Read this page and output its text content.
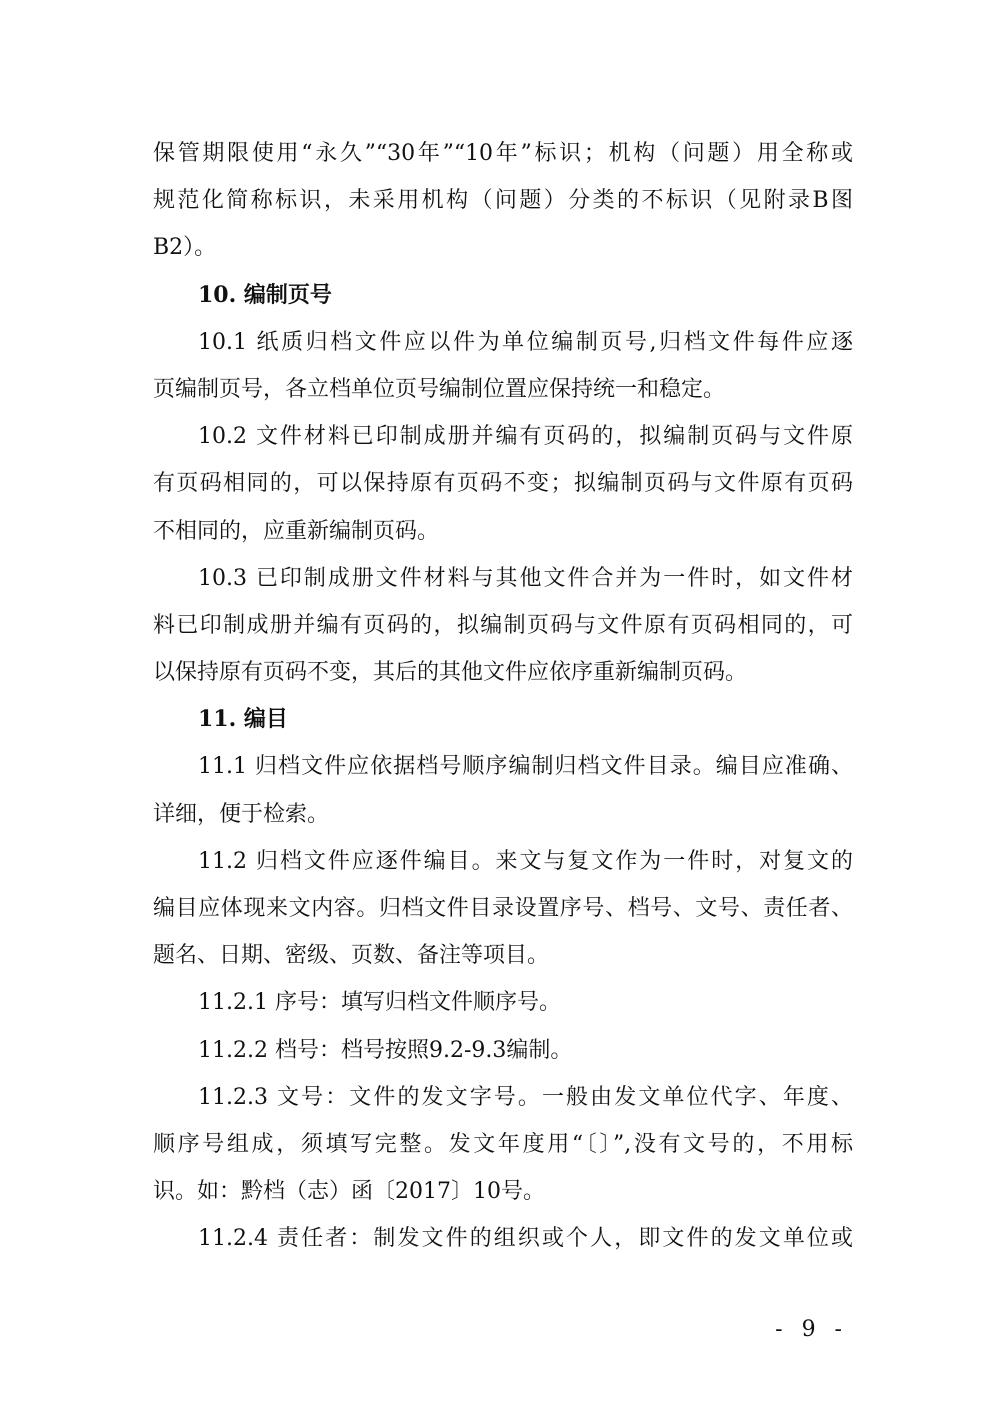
保管期限使用“永久”“30年”“10年”标识；机构（问题）用全称或
规范化简称标识，未采用机构（问题）分类的不标识（见附录B图
B2）。
10. 编制页号
10.1 纸质归档文件应以件为单位编制页号,归档文件每件应逐
页编制页号，各立档单位页号编制位置应保持统一和稳定。
10.2 文件材料已印制成册并编有页码的，拟编制页码与文件原
有页码相同的，可以保持原有页码不变；拟编制页码与文件原有页码
不相同的，应重新编制页码。
10.3 已印制成册文件材料与其他文件合并为一件时，如文件材
料已印制成册并编有页码的，拟编制页码与文件原有页码相同的，可
以保持原有页码不变，其后的其他文件应依序重新编制页码。
11. 编目
11.1 归档文件应依据档号顺序编制归档文件目录。编目应准确、
详细，便于检索。
11.2 归档文件应逐件编目。来文与复文作为一件时，对复文的
编目应体现来文内容。归档文件目录设置序号、档号、文号、责任者、
题名、日期、密级、页数、备注等项目。
11.2.1 序号：填写归档文件顺序号。
11.2.2 档号：档号按照9.2-9.3编制。
11.2.3 文号：文件的发文字号。一般由发文单位代字、年度、
顺序号组成，须填写完整。发文年度用“〔〕”,没有文号的，不用标
识。如：黔档（志）函〔2017〕10号。
11.2.4 责任者：制发文件的组织或个人，即文件的发文单位或
- 9 -
